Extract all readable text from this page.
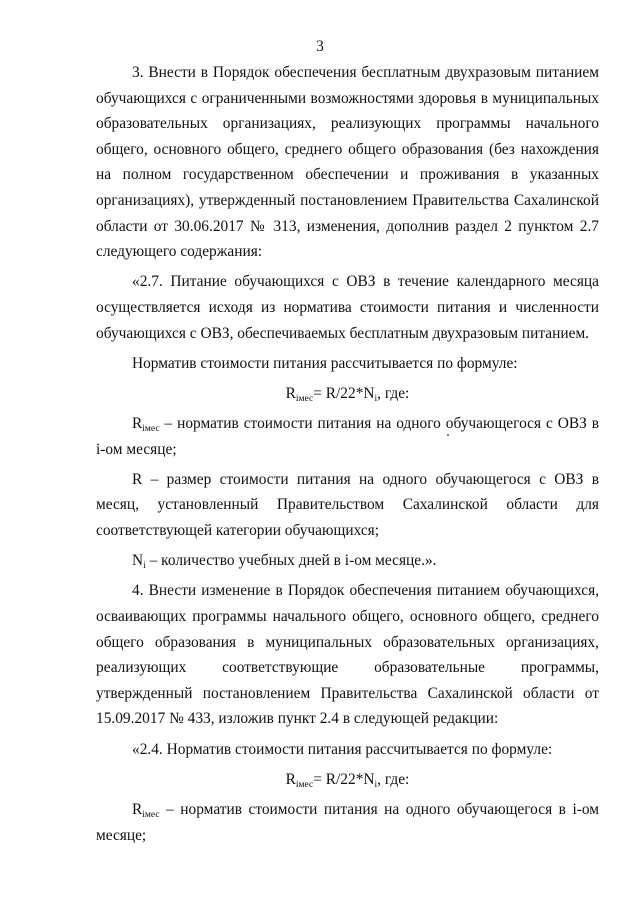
3

3. Внести в Порядок обеспечения бесплатным двухразовым питанием обучающихся с ограниченными возможностями здоровья в муниципальных образовательных организациях, реализующих программы начального общего, основного общего, среднего общего образования (без нахождения на полном государственном обеспечении и проживания в указанных организациях), утвержденный постановлением Правительства Сахалинской области от 30.06.2017 № 313, изменения, дополнив раздел 2 пунктом 2.7 следующего содержания:

«2.7. Питание обучающихся с ОВЗ в течение календарного месяца осуществляется исходя из норматива стоимости питания и численности обучающихся с ОВЗ, обеспечиваемых бесплатным двухразовым питанием.

Норматив стоимости питания рассчитывается по формуле:

$R_{iмес}= R/22*N_i$, где:

$R_{iмес}$ – норматив стоимости питания на одного обучающегося с ОВЗ в i-ом месяце;

R – размер стоимости питания на одного обучающегося с ОВЗ в месяц, установленный Правительством Сахалинской области для соответствующей категории обучающихся;

$N_i$ – количество учебных дней в i-ом месяце.».

4. Внести изменение в Порядок обеспечения питанием обучающихся, осваивающих программы начального общего, основного общего, среднего общего образования в муниципальных образовательных организациях, реализующих соответствующие образовательные программы, утвержденный постановлением Правительства Сахалинской области от 15.09.2017 № 433, изложив пункт 2.4 в следующей редакции:

«2.4. Норматив стоимости питания рассчитывается по формуле:

$R_{iмес}= R/22*N_i$, где:

$R_{iмес}$ – норматив стоимости питания на одного обучающегося в i-ом месяце;
